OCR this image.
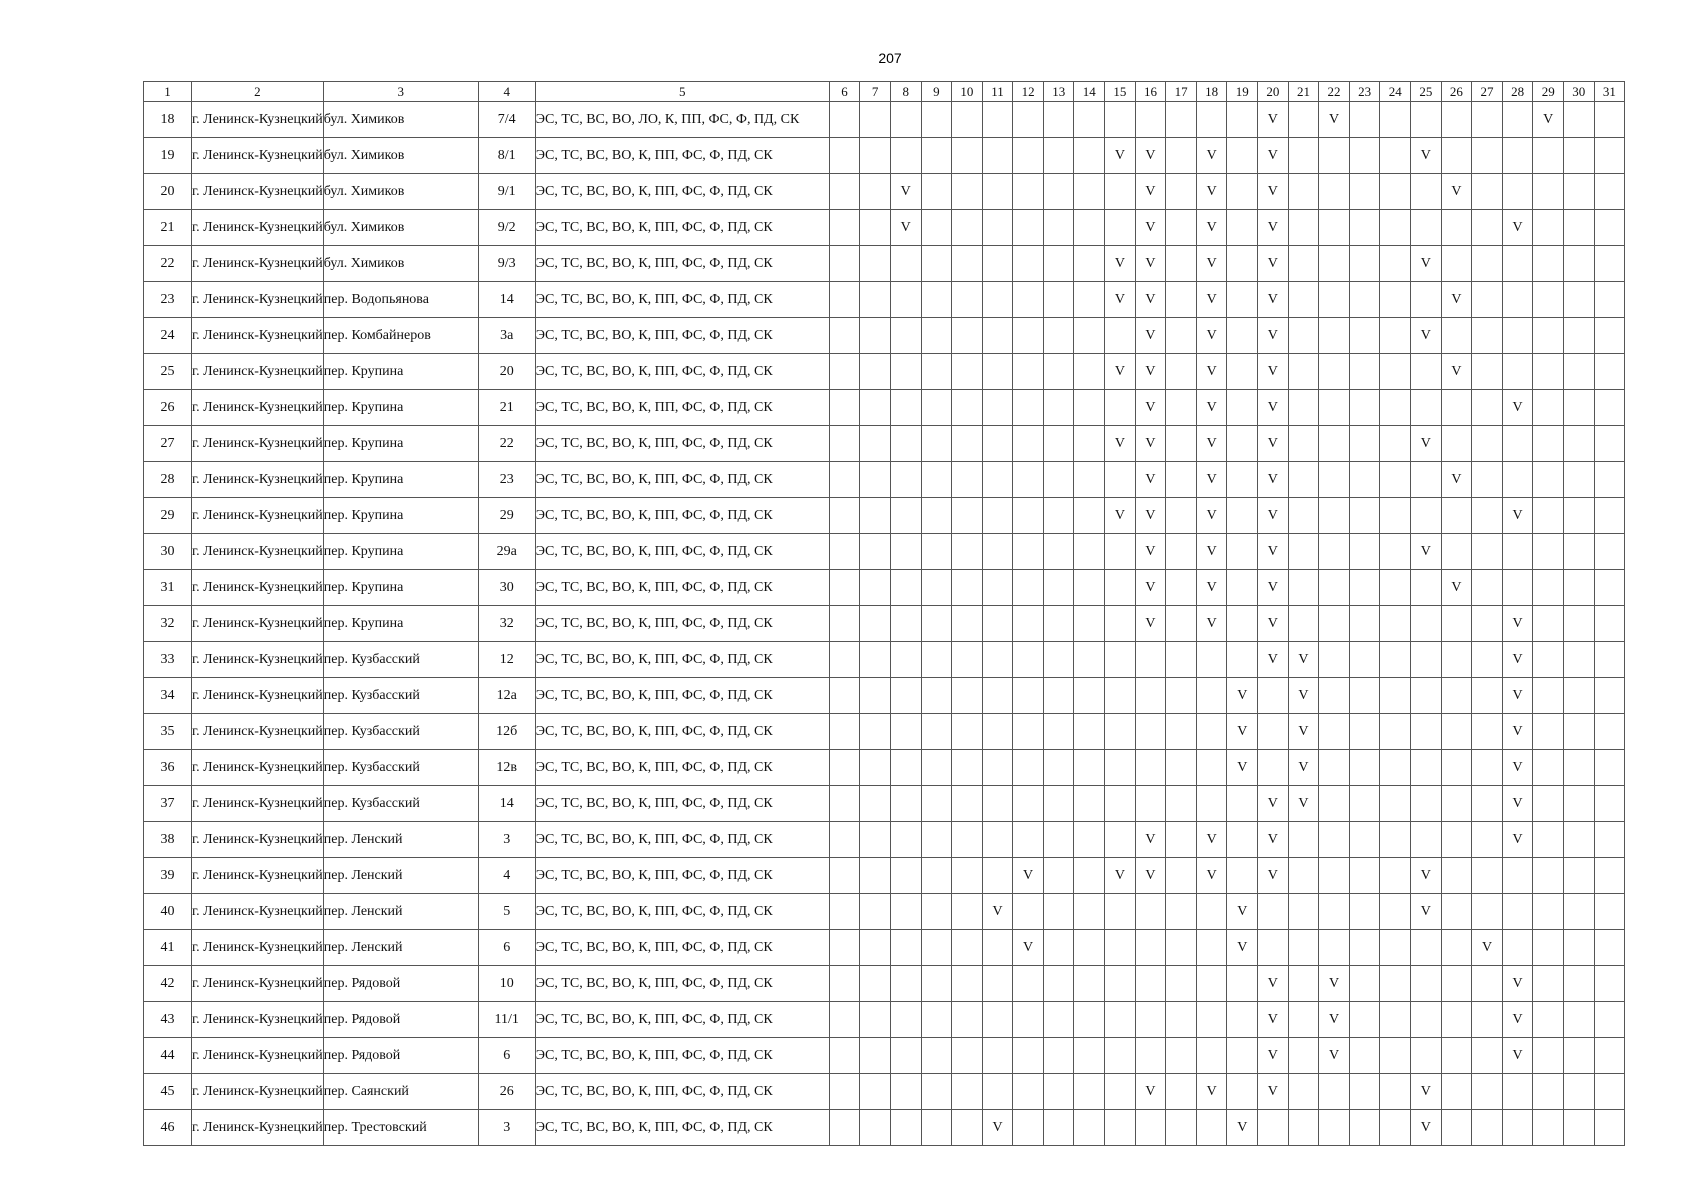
207
1	2	3	4	5	6	7	8	9	10	11	12	13	14	15	16	17	18	19	20	21	22	23	24	25	26	27	28	29	30	31
18	г. Ленинск-Кузнецкий	бул. Химиков	7/4	ЭС, ТС, ВС, ВО, ЛО, К, ПП, ФС, Ф, ПД, СК															V		V							V		
19	г. Ленинск-Кузнецкий	бул. Химиков	8/1	ЭС, ТС, ВС, ВО, К, ПП, ФС, Ф, ПД, СК										V	V		V		V					V						
20	г. Ленинск-Кузнецкий	бул. Химиков	9/1	ЭС, ТС, ВС, ВО, К, ПП, ФС, Ф, ПД, СК			V								V		V		V						V					
21	г. Ленинск-Кузнецкий	бул. Химиков	9/2	ЭС, ТС, ВС, ВО, К, ПП, ФС, Ф, ПД, СК			V								V		V		V								V			
22	г. Ленинск-Кузнецкий	бул. Химиков	9/3	ЭС, ТС, ВС, ВО, К, ПП, ФС, Ф, ПД, СК										V	V		V		V					V						
23	г. Ленинск-Кузнецкий	пер. Водопьянова	14	ЭС, ТС, ВС, ВО, К, ПП, ФС, Ф, ПД, СК										V	V		V		V						V					
24	г. Ленинск-Кузнецкий	пер. Комбайнеров	3а	ЭС, ТС, ВС, ВО, К, ПП, ФС, Ф, ПД, СК											V		V		V					V						
25	г. Ленинск-Кузнецкий	пер. Крупина	20	ЭС, ТС, ВС, ВО, К, ПП, ФС, Ф, ПД, СК										V	V		V		V						V					
26	г. Ленинск-Кузнецкий	пер. Крупина	21	ЭС, ТС, ВС, ВО, К, ПП, ФС, Ф, ПД, СК											V		V		V								V			
27	г. Ленинск-Кузнецкий	пер. Крупина	22	ЭС, ТС, ВС, ВО, К, ПП, ФС, Ф, ПД, СК										V	V		V		V					V						
28	г. Ленинск-Кузнецкий	пер. Крупина	23	ЭС, ТС, ВС, ВО, К, ПП, ФС, Ф, ПД, СК											V		V		V						V					
29	г. Ленинск-Кузнецкий	пер. Крупина	29	ЭС, ТС, ВС, ВО, К, ПП, ФС, Ф, ПД, СК										V	V		V		V								V			
30	г. Ленинск-Кузнецкий	пер. Крупина	29а	ЭС, ТС, ВС, ВО, К, ПП, ФС, Ф, ПД, СК											V		V		V					V						
31	г. Ленинск-Кузнецкий	пер. Крупина	30	ЭС, ТС, ВС, ВО, К, ПП, ФС, Ф, ПД, СК											V		V		V						V					
32	г. Ленинск-Кузнецкий	пер. Крупина	32	ЭС, ТС, ВС, ВО, К, ПП, ФС, Ф, ПД, СК											V		V		V								V			
33	г. Ленинск-Кузнецкий	пер. Кузбасский	12	ЭС, ТС, ВС, ВО, К, ПП, ФС, Ф, ПД, СК															V	V							V			
34	г. Ленинск-Кузнецкий	пер. Кузбасский	12а	ЭС, ТС, ВС, ВО, К, ПП, ФС, Ф, ПД, СК														V		V							V			
35	г. Ленинск-Кузнецкий	пер. Кузбасский	12б	ЭС, ТС, ВС, ВО, К, ПП, ФС, Ф, ПД, СК														V		V							V			
36	г. Ленинск-Кузнецкий	пер. Кузбасский	12в	ЭС, ТС, ВС, ВО, К, ПП, ФС, Ф, ПД, СК														V		V							V			
37	г. Ленинск-Кузнецкий	пер. Кузбасский	14	ЭС, ТС, ВС, ВО, К, ПП, ФС, Ф, ПД, СК															V	V							V			
38	г. Ленинск-Кузнецкий	пер. Ленский	3	ЭС, ТС, ВС, ВО, К, ПП, ФС, Ф, ПД, СК											V		V		V								V			
39	г. Ленинск-Кузнецкий	пер. Ленский	4	ЭС, ТС, ВС, ВО, К, ПП, ФС, Ф, ПД, СК							V			V	V		V		V					V						
40	г. Ленинск-Кузнецкий	пер. Ленский	5	ЭС, ТС, ВС, ВО, К, ПП, ФС, Ф, ПД, СК						V								V						V						
41	г. Ленинск-Кузнецкий	пер. Ленский	6	ЭС, ТС, ВС, ВО, К, ПП, ФС, Ф, ПД, СК							V							V								V				
42	г. Ленинск-Кузнецкий	пер. Рядовой	10	ЭС, ТС, ВС, ВО, К, ПП, ФС, Ф, ПД, СК															V		V						V			
43	г. Ленинск-Кузнецкий	пер. Рядовой	11/1	ЭС, ТС, ВС, ВО, К, ПП, ФС, Ф, ПД, СК															V		V						V			
44	г. Ленинск-Кузнецкий	пер. Рядовой	6	ЭС, ТС, ВС, ВО, К, ПП, ФС, Ф, ПД, СК															V		V						V			
45	г. Ленинск-Кузнецкий	пер. Саянский	26	ЭС, ТС, ВС, ВО, К, ПП, ФС, Ф, ПД, СК											V		V		V					V						
46	г. Ленинск-Кузнецкий	пер. Трестовский	3	ЭС, ТС, ВС, ВО, К, ПП, ФС, Ф, ПД, СК						V								V						V						
